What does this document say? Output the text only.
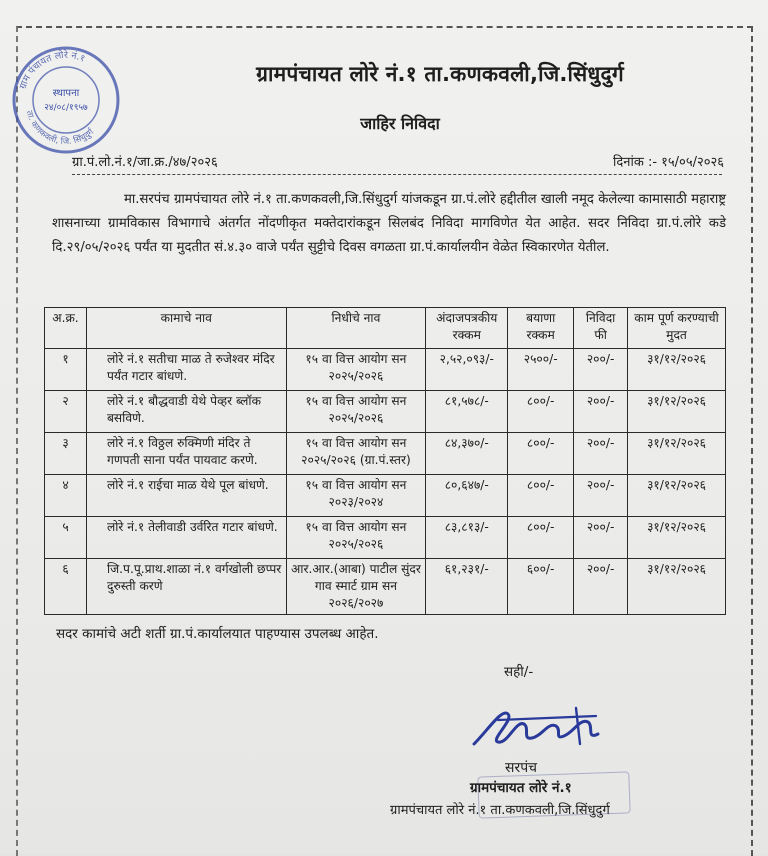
ग्राम पंचायत लोरे नं.१
ता. कणकवली, जि. सिंधुदुर्ग
स्थापना
२४/०८/१९५७
ग्रामपंचायत लोरे नं.१ ता.कणकवली,जि.सिंधुदुर्ग
जाहिर निविदा
ग्रा.पं.लो.नं.१/जा.क्र./४७/२०२६	दिनांक :- १५/०५/२०२६
मा.सरपंच ग्रामपंचायत लोरे नं.१ ता.कणकवली,जि.सिंधुदुर्ग यांजकडून ग्रा.पं.लोरे हद्दीतील खाली नमूद केलेल्या कामासाठी महाराष्ट्र शासनाच्या ग्रामविकास विभागाचे अंतर्गत नोंदणीकृत मक्तेदारांकडून सिलबंद निविदा मागविणेत येत आहेत. सदर निविदा ग्रा.पं.लोरे कडे दि.२९/०५/२०२६ पर्यंत या मुदतीत सं.४.३० वाजे पर्यंत सुट्टीचे दिवस वगळता ग्रा.पं.कार्यालयीन वेळेत स्विकारणेत येतील.
अ.क्र.	कामाचे नाव	निधीचे नाव	अंदाजपत्रकीय रक्कम	बयाणा रक्कम	निविदा फी	काम पूर्ण करण्याची मुदत
१	लोरे नं.१ सतीचा माळ ते रुजेश्वर मंदिर पर्यंत गटार बांधणे.	१५ वा वित्त आयोग सन २०२५/२०२६	२,५२,०९३/-	२५००/-	२००/-	३१/१२/२०२६
२	लोरे नं.१ बौद्धवाडी येथे पेव्हर ब्लॉक बसविणे.	१५ वा वित्त आयोग सन २०२५/२०२६	८१,५७८/-	८००/-	२००/-	३१/१२/२०२६
३	लोरे नं.१ विठ्ठल रुक्मिणी मंदिर ते गणपती साना पर्यंत पायवाट करणे.	१५ वा वित्त आयोग सन २०२५/२०२६ (ग्रा.पं.स्तर)	८४,३७०/-	८००/-	२००/-	३१/१२/२०२६
४	लोरे नं.१ राईचा माळ येथे पूल बांधणे.	१५ वा वित्त आयोग सन २०२३/२०२४	८०,६४७/-	८००/-	२००/-	३१/१२/२०२६
५	लोरे नं.१ तेलीवाडी उर्वरित गटार बांधणे.	१५ वा वित्त आयोग सन २०२५/२०२६	८३,८१३/-	८००/-	२००/-	३१/१२/२०२६
६	जि.प.पू.प्राथ.शाळा नं.१ वर्गखोली छप्पर दुरुस्ती करणे	आर.आर.(आबा) पाटील सुंदर गाव स्मार्ट ग्राम सन २०२६/२०२७	६१,२३१/-	६००/-	२००/-	३१/१२/२०२६
सदर कामांचे अटी शर्ती ग्रा.पं.कार्यालयात पाहण्यास उपलब्ध आहेत.
सही/-
सरपंच
ग्रामपंचायत लोरे नं.१
ग्रामपंचायत लोरे नं.१ ता.कणकवली,जि.सिंधुदुर्ग
